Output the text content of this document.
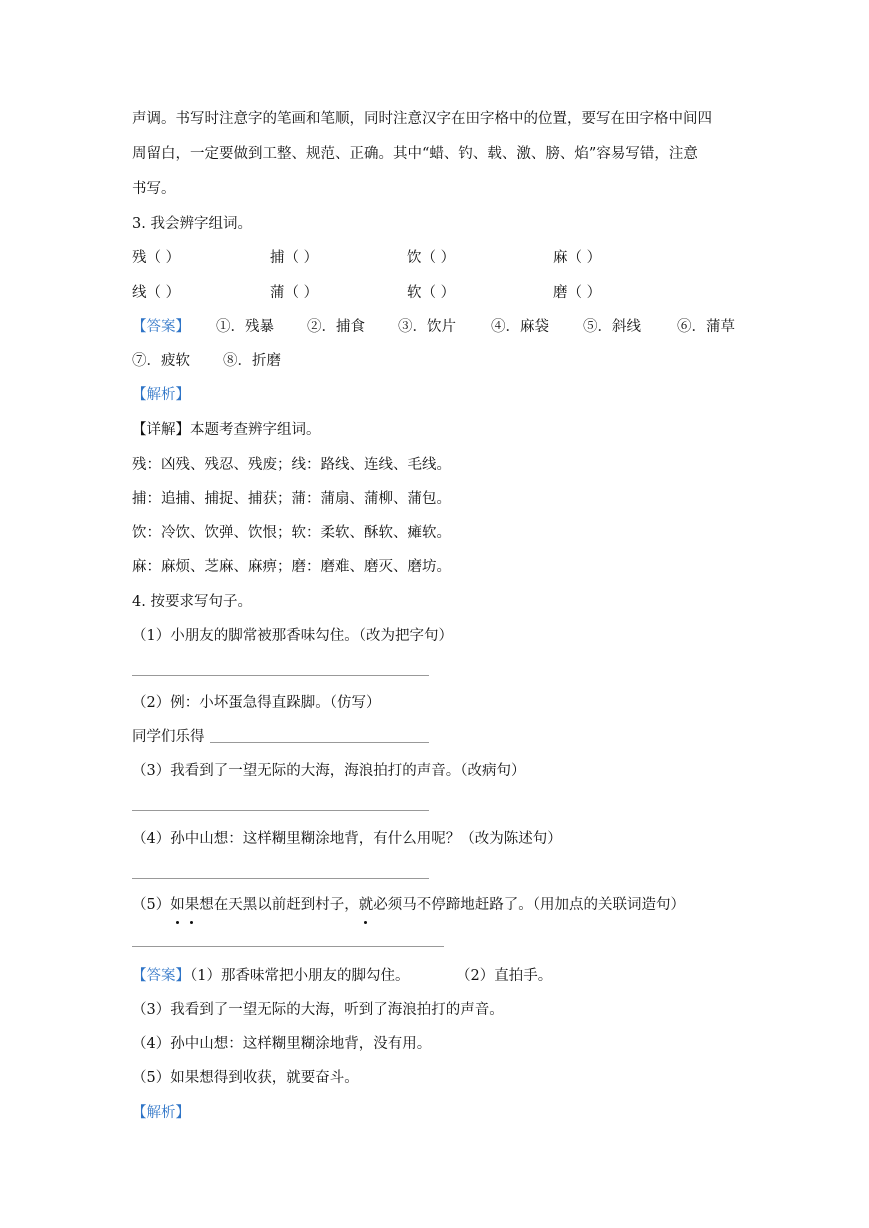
声调。书写时注意字的笔画和笔顺，同时注意汉字在田字格中的位置，要写在田字格中间四
周留白，一定要做到工整、规范、正确。其中“蜡、钓、载、激、膀、焰”容易写错，注意
书写。
3. 我会辨字组词。
残（ ）	捕（ ）	饮（ ）	麻（ ）
线（ ）	蒲（ ）	软（ ）	磨（ ）
【答案】 ①．残暴 ②．捕食 ③．饮片 ④．麻袋 ⑤．斜线 ⑥．蒲草
⑦．疲软 ⑧．折磨
【解析】
【详解】本题考查辨字组词。
残：凶残、残忍、残废；线：路线、连线、毛线。
捕：追捕、捕捉、捕获；蒲：蒲扇、蒲柳、蒲包。
饮：冷饮、饮弹、饮恨；软：柔软、酥软、瘫软。
麻：麻烦、芝麻、麻痹；磨：磨难、磨灭、磨坊。
4. 按要求写句子。
（1）小朋友的脚常被那香味勾住。（改为把字句）
（2）例：小坏蛋急得直跺脚。（仿写）
同学们乐得
（3）我看到了一望无际的大海，海浪拍打的声音。（改病句）
（4）孙中山想：这样糊里糊涂地背，有什么用呢？（改为陈述句）
（5）如果想在天黑以前赶到村子，就必须马不停蹄地赶路了。（用加点的关联词造句）
【答案】（1）那香味常把小朋友的脚勾住。	（2）直拍手。
（3）我看到了一望无际的大海，听到了海浪拍打的声音。
（4）孙中山想：这样糊里糊涂地背，没有用。
（5）如果想得到收获，就要奋斗。
【解析】
